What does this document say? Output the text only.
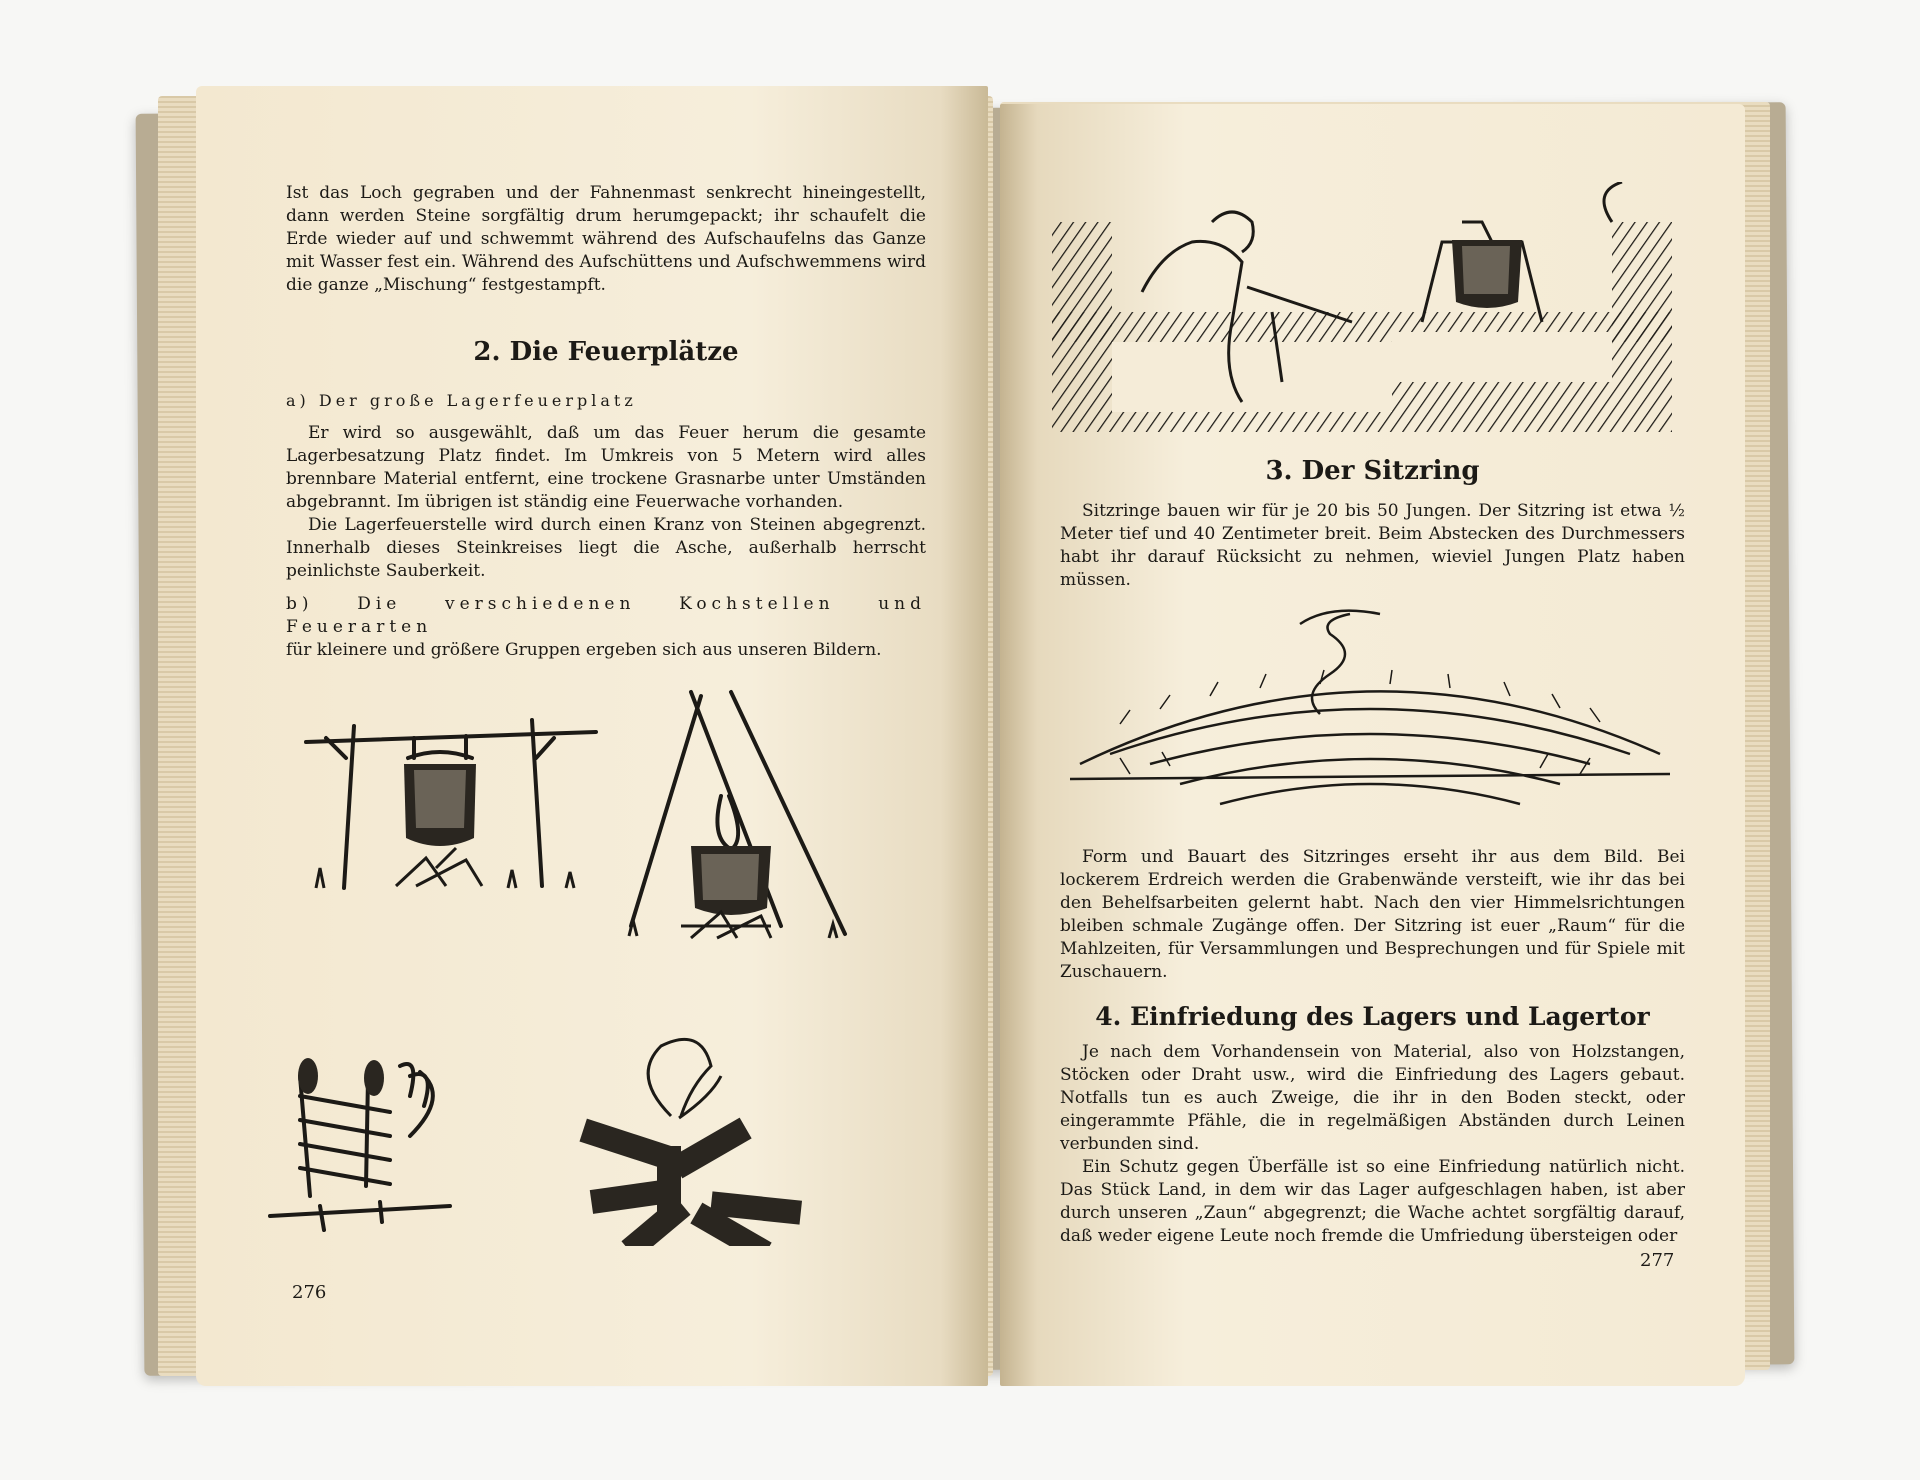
Ist das Loch gegraben und der Fahnenmast senkrecht hineingestellt, dann werden Steine sorgfältig drum herumgepackt; ihr schaufelt die Erde wieder auf und schwemmt während des Aufschaufelns das Ganze mit Wasser fest ein. Während des Aufschüttens und Aufschwemmens wird die ganze „Mischung“ festgestampft.

2. Die Feuerplätze

a) Der große Lagerfeuerplatz

Er wird so ausgewählt, daß um das Feuer herum die gesamte Lagerbesatzung Platz findet. Im Umkreis von 5 Metern wird alles brennbare Material entfernt, eine trockene Grasnarbe unter Umständen abgebrannt. Im übrigen ist ständig eine Feuerwache vorhanden.

Die Lagerfeuerstelle wird durch einen Kranz von Steinen abgegrenzt. Innerhalb dieses Steinkreises liegt die Asche, außerhalb herrscht peinlichste Sauberkeit.

b) Die verschiedenen Kochstellen und Feuerarten

für kleinere und größere Gruppen ergeben sich aus unseren Bildern.

276
3. Der Sitzring

Sitzringe bauen wir für je 20 bis 50 Jungen. Der Sitzring ist etwa ½ Meter tief und 40 Zentimeter breit. Beim Abstecken des Durchmessers habt ihr darauf Rücksicht zu nehmen, wieviel Jungen Platz haben müssen.

Form und Bauart des Sitzringes erseht ihr aus dem Bild. Bei lockerem Erdreich werden die Grabenwände versteift, wie ihr das bei den Behelfsarbeiten gelernt habt. Nach den vier Himmelsrichtungen bleiben schmale Zugänge offen. Der Sitzring ist euer „Raum“ für die Mahlzeiten, für Versammlungen und Besprechungen und für Spiele mit Zuschauern.

4. Einfriedung des Lagers und Lagertor

Je nach dem Vorhandensein von Material, also von Holzstangen, Stöcken oder Draht usw., wird die Einfriedung des Lagers gebaut. Notfalls tun es auch Zweige, die ihr in den Boden steckt, oder eingerammte Pfähle, die in regelmäßigen Abständen durch Leinen verbunden sind.

Ein Schutz gegen Überfälle ist so eine Einfriedung natürlich nicht. Das Stück Land, in dem wir das Lager aufgeschlagen haben, ist aber durch unseren „Zaun“ abgegrenzt; die Wache achtet sorgfältig darauf, daß weder eigene Leute noch fremde die Umfriedung übersteigen oder

277
